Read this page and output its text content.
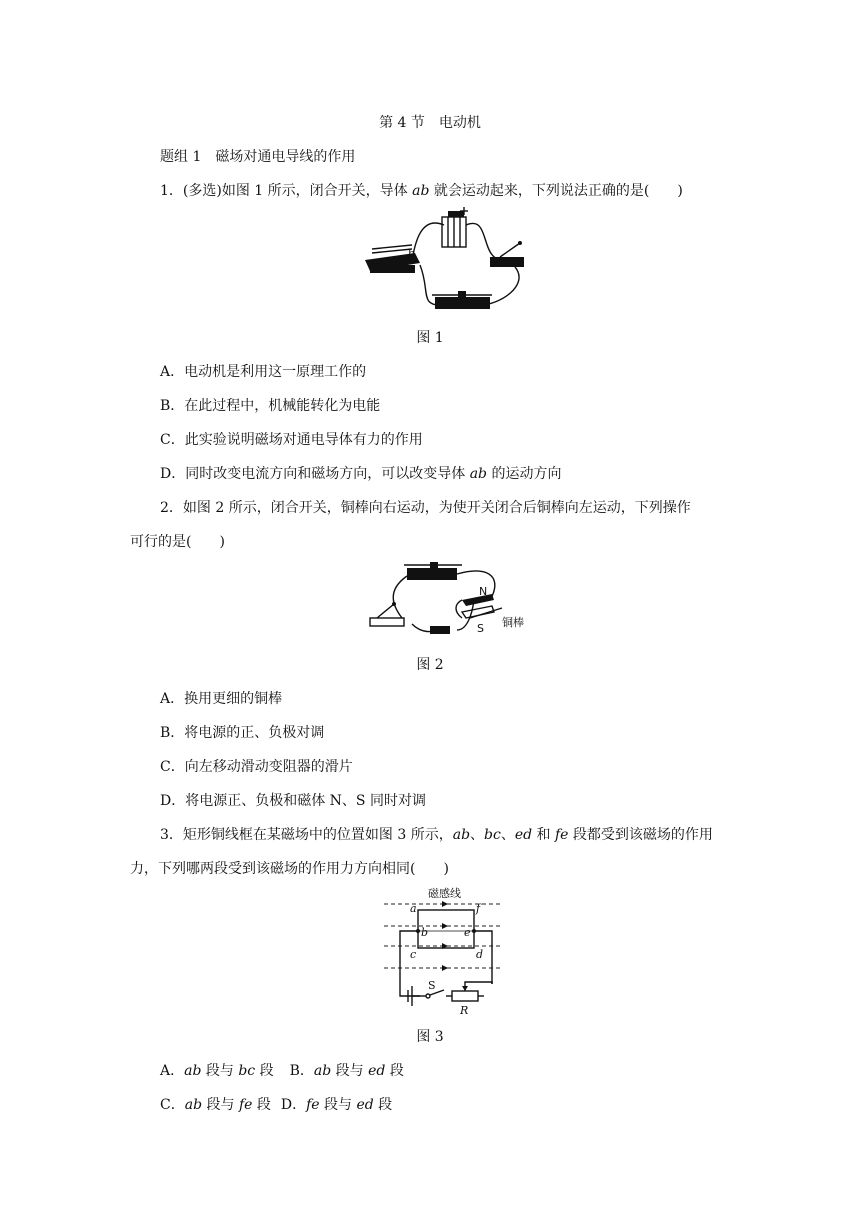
第 4 节　电动机
题组 1　磁场对通电导线的作用
1．(多选)如图 1 所示，闭合开关，导体 ab 就会运动起来，下列说法正确的是(　　)
b
图 1
A．电动机是利用这一原理工作的
B．在此过程中，机械能转化为电能
C．此实验说明磁场对通电导体有力的作用
D．同时改变电流方向和磁场方向，可以改变导体 ab 的运动方向
2．如图 2 所示，闭合开关，铜棒向右运动，为使开关闭合后铜棒向左运动，下列操作
可行的是(　　)
N
S 铜棒
图 2
A．换用更细的铜棒
B．将电源的正、负极对调
C．向左移动滑动变阻器的滑片
D．将电源正、负极和磁体 N、S 同时对调
3．矩形铜线框在某磁场中的位置如图 3 所示，ab、bc、ed 和 fe 段都受到该磁场的作用
力，下列哪两段受到该磁场的作用力方向相同(　　)
磁感线
a	f
b	e
c	d
S
R
图 3
A．ab 段与 bc 段 B．ab 段与 ed 段
C．ab 段与 fe 段 D．fe 段与 ed 段
